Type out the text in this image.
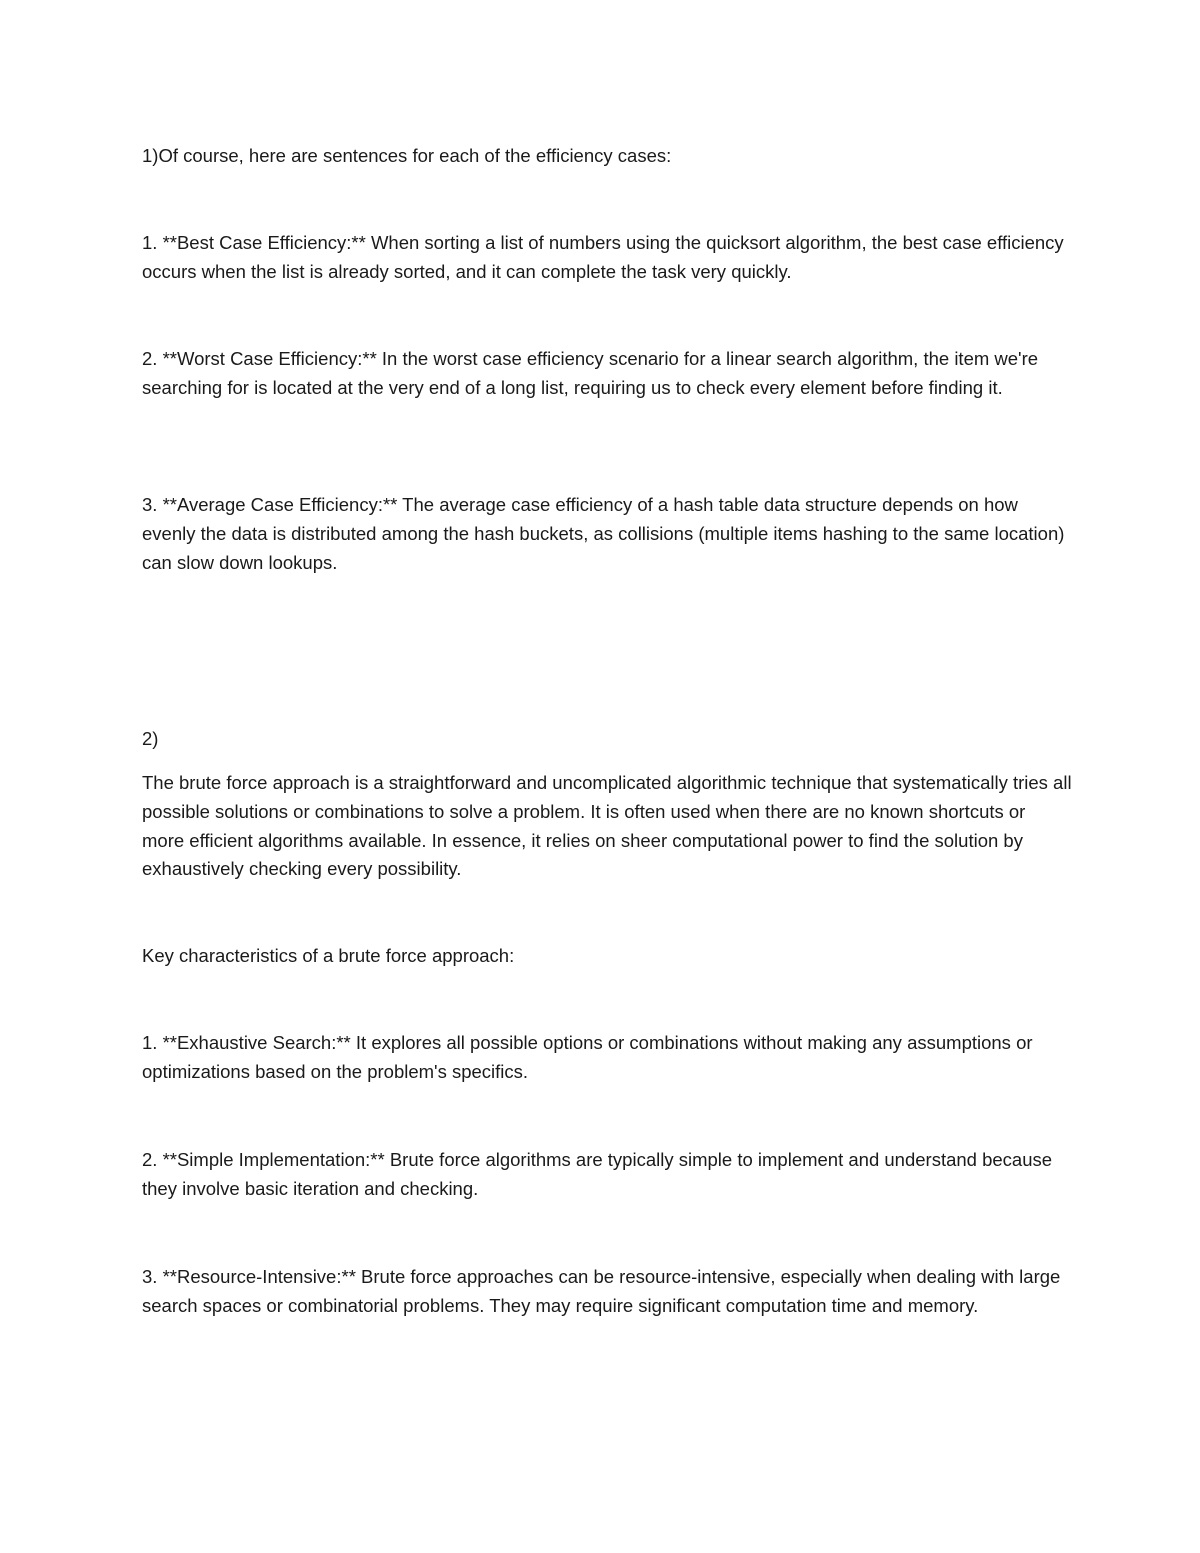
1)Of course, here are sentences for each of the efficiency cases:

1. **Best Case Efficiency:** When sorting a list of numbers using the quicksort algorithm, the best case efficiency occurs when the list is already sorted, and it can complete the task very quickly.

2. **Worst Case Efficiency:** In the worst case efficiency scenario for a linear search algorithm, the item we're searching for is located at the very end of a long list, requiring us to check every element before finding it.

3. **Average Case Efficiency:** The average case efficiency of a hash table data structure depends on how evenly the data is distributed among the hash buckets, as collisions (multiple items hashing to the same location) can slow down lookups.

2)

The brute force approach is a straightforward and uncomplicated algorithmic technique that systematically tries all possible solutions or combinations to solve a problem. It is often used when there are no known shortcuts or more efficient algorithms available. In essence, it relies on sheer computational power to find the solution by exhaustively checking every possibility.

Key characteristics of a brute force approach:

1. **Exhaustive Search:** It explores all possible options or combinations without making any assumptions or optimizations based on the problem's specifics.

2. **Simple Implementation:** Brute force algorithms are typically simple to implement and understand because they involve basic iteration and checking.

3. **Resource-Intensive:** Brute force approaches can be resource-intensive, especially when dealing with large search spaces or combinatorial problems. They may require significant computation time and memory.
